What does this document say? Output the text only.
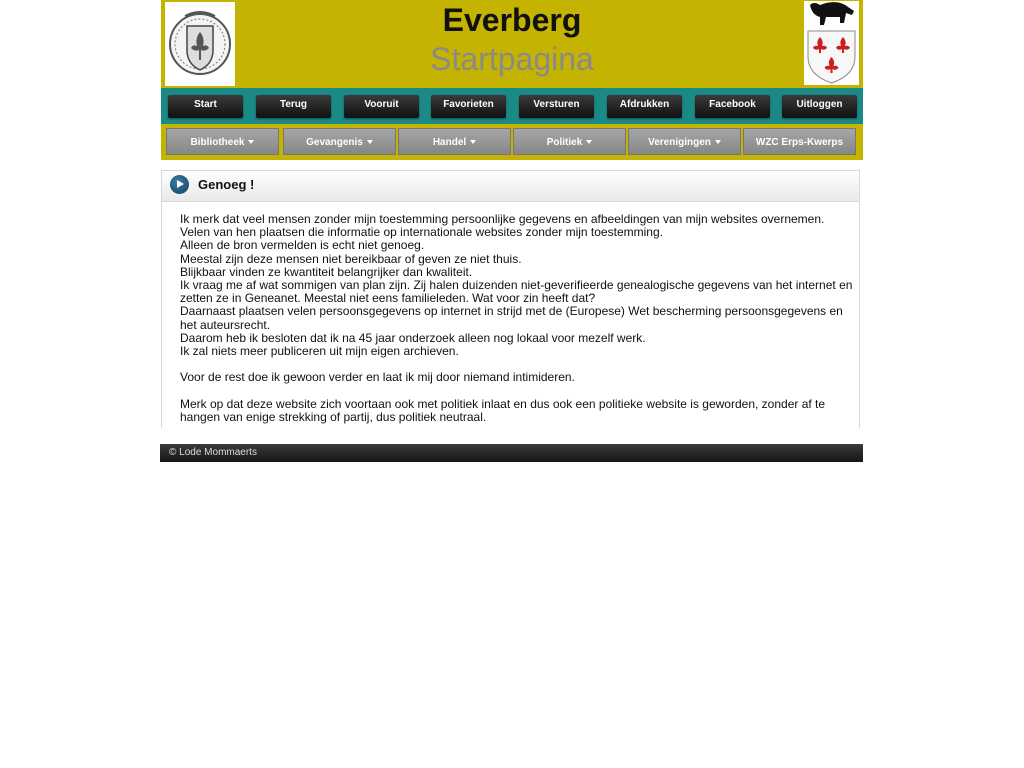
Everberg
Startpagina
Start	Terug	Vooruit	Favorieten	Versturen	Afdrukken	Facebook	Uitloggen
Bibliotheek	Gevangenis	Handel	Politiek	Verenigingen	WZC Erps-Kwerps
Genoeg !

Ik merk dat veel mensen zonder mijn toestemming persoonlijke gegevens en afbeeldingen van mijn websites overnemen.

Velen van hen plaatsen die informatie op internationale websites zonder mijn toestemming.

Alleen de bron vermelden is echt niet genoeg.

Meestal zijn deze mensen niet bereikbaar of geven ze niet thuis.

Blijkbaar vinden ze kwantiteit belangrijker dan kwaliteit.

Ik vraag me af wat sommigen van plan zijn. Zij halen duizenden niet-geverifieerde genealogische gegevens van het internet en zetten ze in Geneanet. Meestal niet eens familieleden. Wat voor zin heeft dat?

Daarnaast plaatsen velen persoonsgegevens op internet in strijd met de (Europese) Wet bescherming persoonsgegevens en het auteursrecht.

Daarom heb ik besloten dat ik na 45 jaar onderzoek alleen nog lokaal voor mezelf werk.

Ik zal niets meer publiceren uit mijn eigen archieven.

Voor de rest doe ik gewoon verder en laat ik mij door niemand intimideren.

Merk op dat deze website zich voortaan ook met politiek inlaat en dus ook een politieke website is geworden, zonder af te hangen van enige strekking of partij, dus politiek neutraal.

© Lode Mommaerts
